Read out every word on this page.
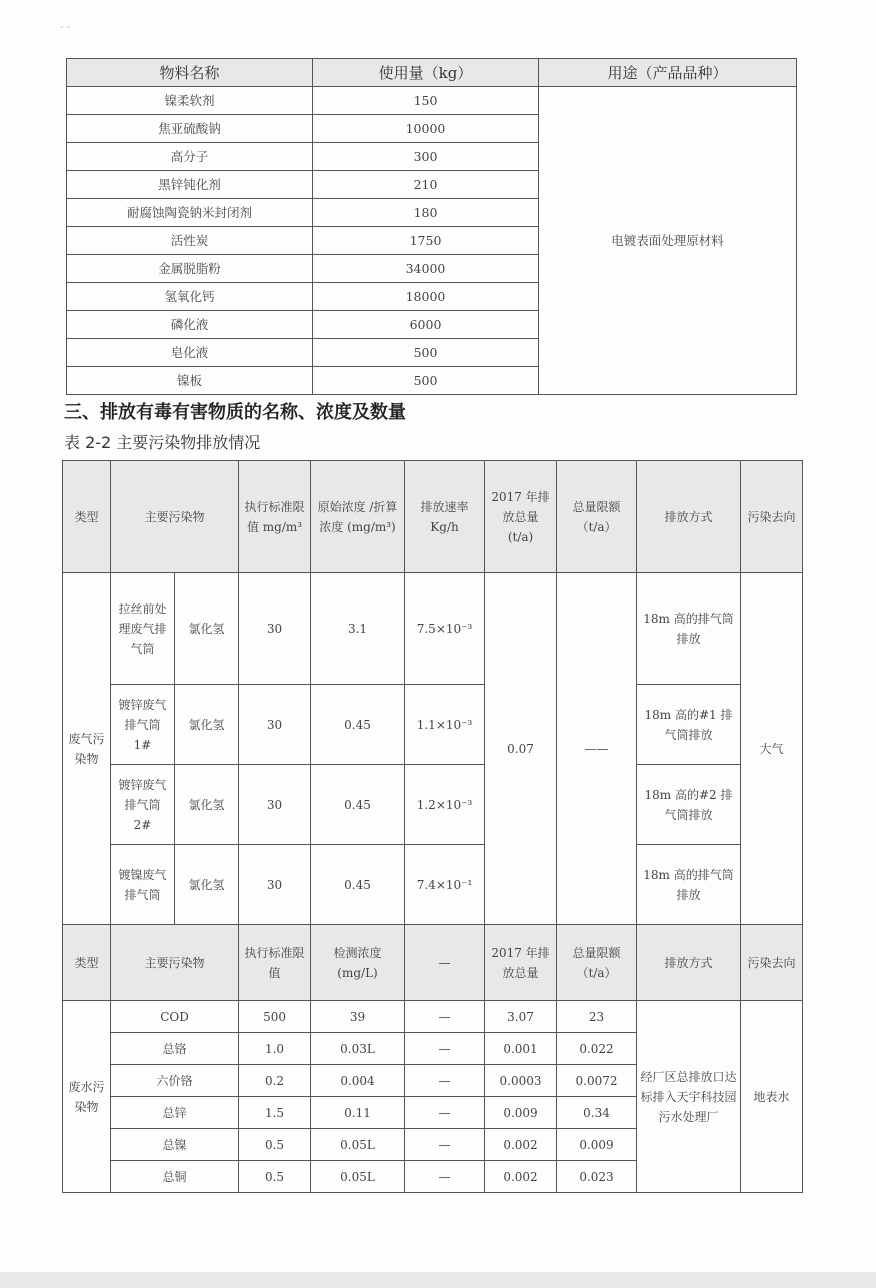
- -
物料名称	使用量（kg）	用途（产品品种）
镍柔软剂	150	电镀表面处理原材料
焦亚硫酸钠	10000	
高分子	300	
黑锌钝化剂	210	
耐腐蚀陶瓷钠米封闭剂	180	
活性炭	1750	
金属脱脂粉	34000	
氢氧化钙	18000	
磷化液	6000	
皂化液	500	
镍板	500	
三、排放有毒有害物质的名称、浓度及数量
表 2-2 主要污染物排放情况
类型	主要污染物		执行标准限值 mg/m³	原始浓度 /折算浓度 (mg/m³)	排放速率 Kg/h	2017 年排放总量 (t/a)	总量限额 （t/a）	排放方式	污染去向
废气污染物	拉丝前处理废气排气筒	氯化氢	30	3.1	7.5×10⁻³	0.07	——	18m 高的排气筒排放	大气
	镀锌废气排气筒 1#	氯化氢	30	0.45	1.1×10⁻³			18m 高的#1 排气筒排放	
	镀锌废气排气筒 2#	氯化氢	30	0.45	1.2×10⁻³			18m 高的#2 排气筒排放	
	镀镍废气排气筒	氯化氢	30	0.45	7.4×10⁻¹			18m 高的排气筒排放	
类型	主要污染物		执行标准限值	检测浓度 (mg/L)	—	2017 年排放总量	总量限额 （t/a）	排放方式	污染去向
废水污染物	COD		500	39	—	3.07	23	经厂区总排放口达标排入天宇科技园污水处理厂	地表水
	总铬		1.0	0.03L	—	0.001	0.022		
	六价铬		0.2	0.004	—	0.0003	0.0072		
	总锌		1.5	0.11	—	0.009	0.34		
	总镍		0.5	0.05L	—	0.002	0.009		
	总铜		0.5	0.05L	—	0.002	0.023		
